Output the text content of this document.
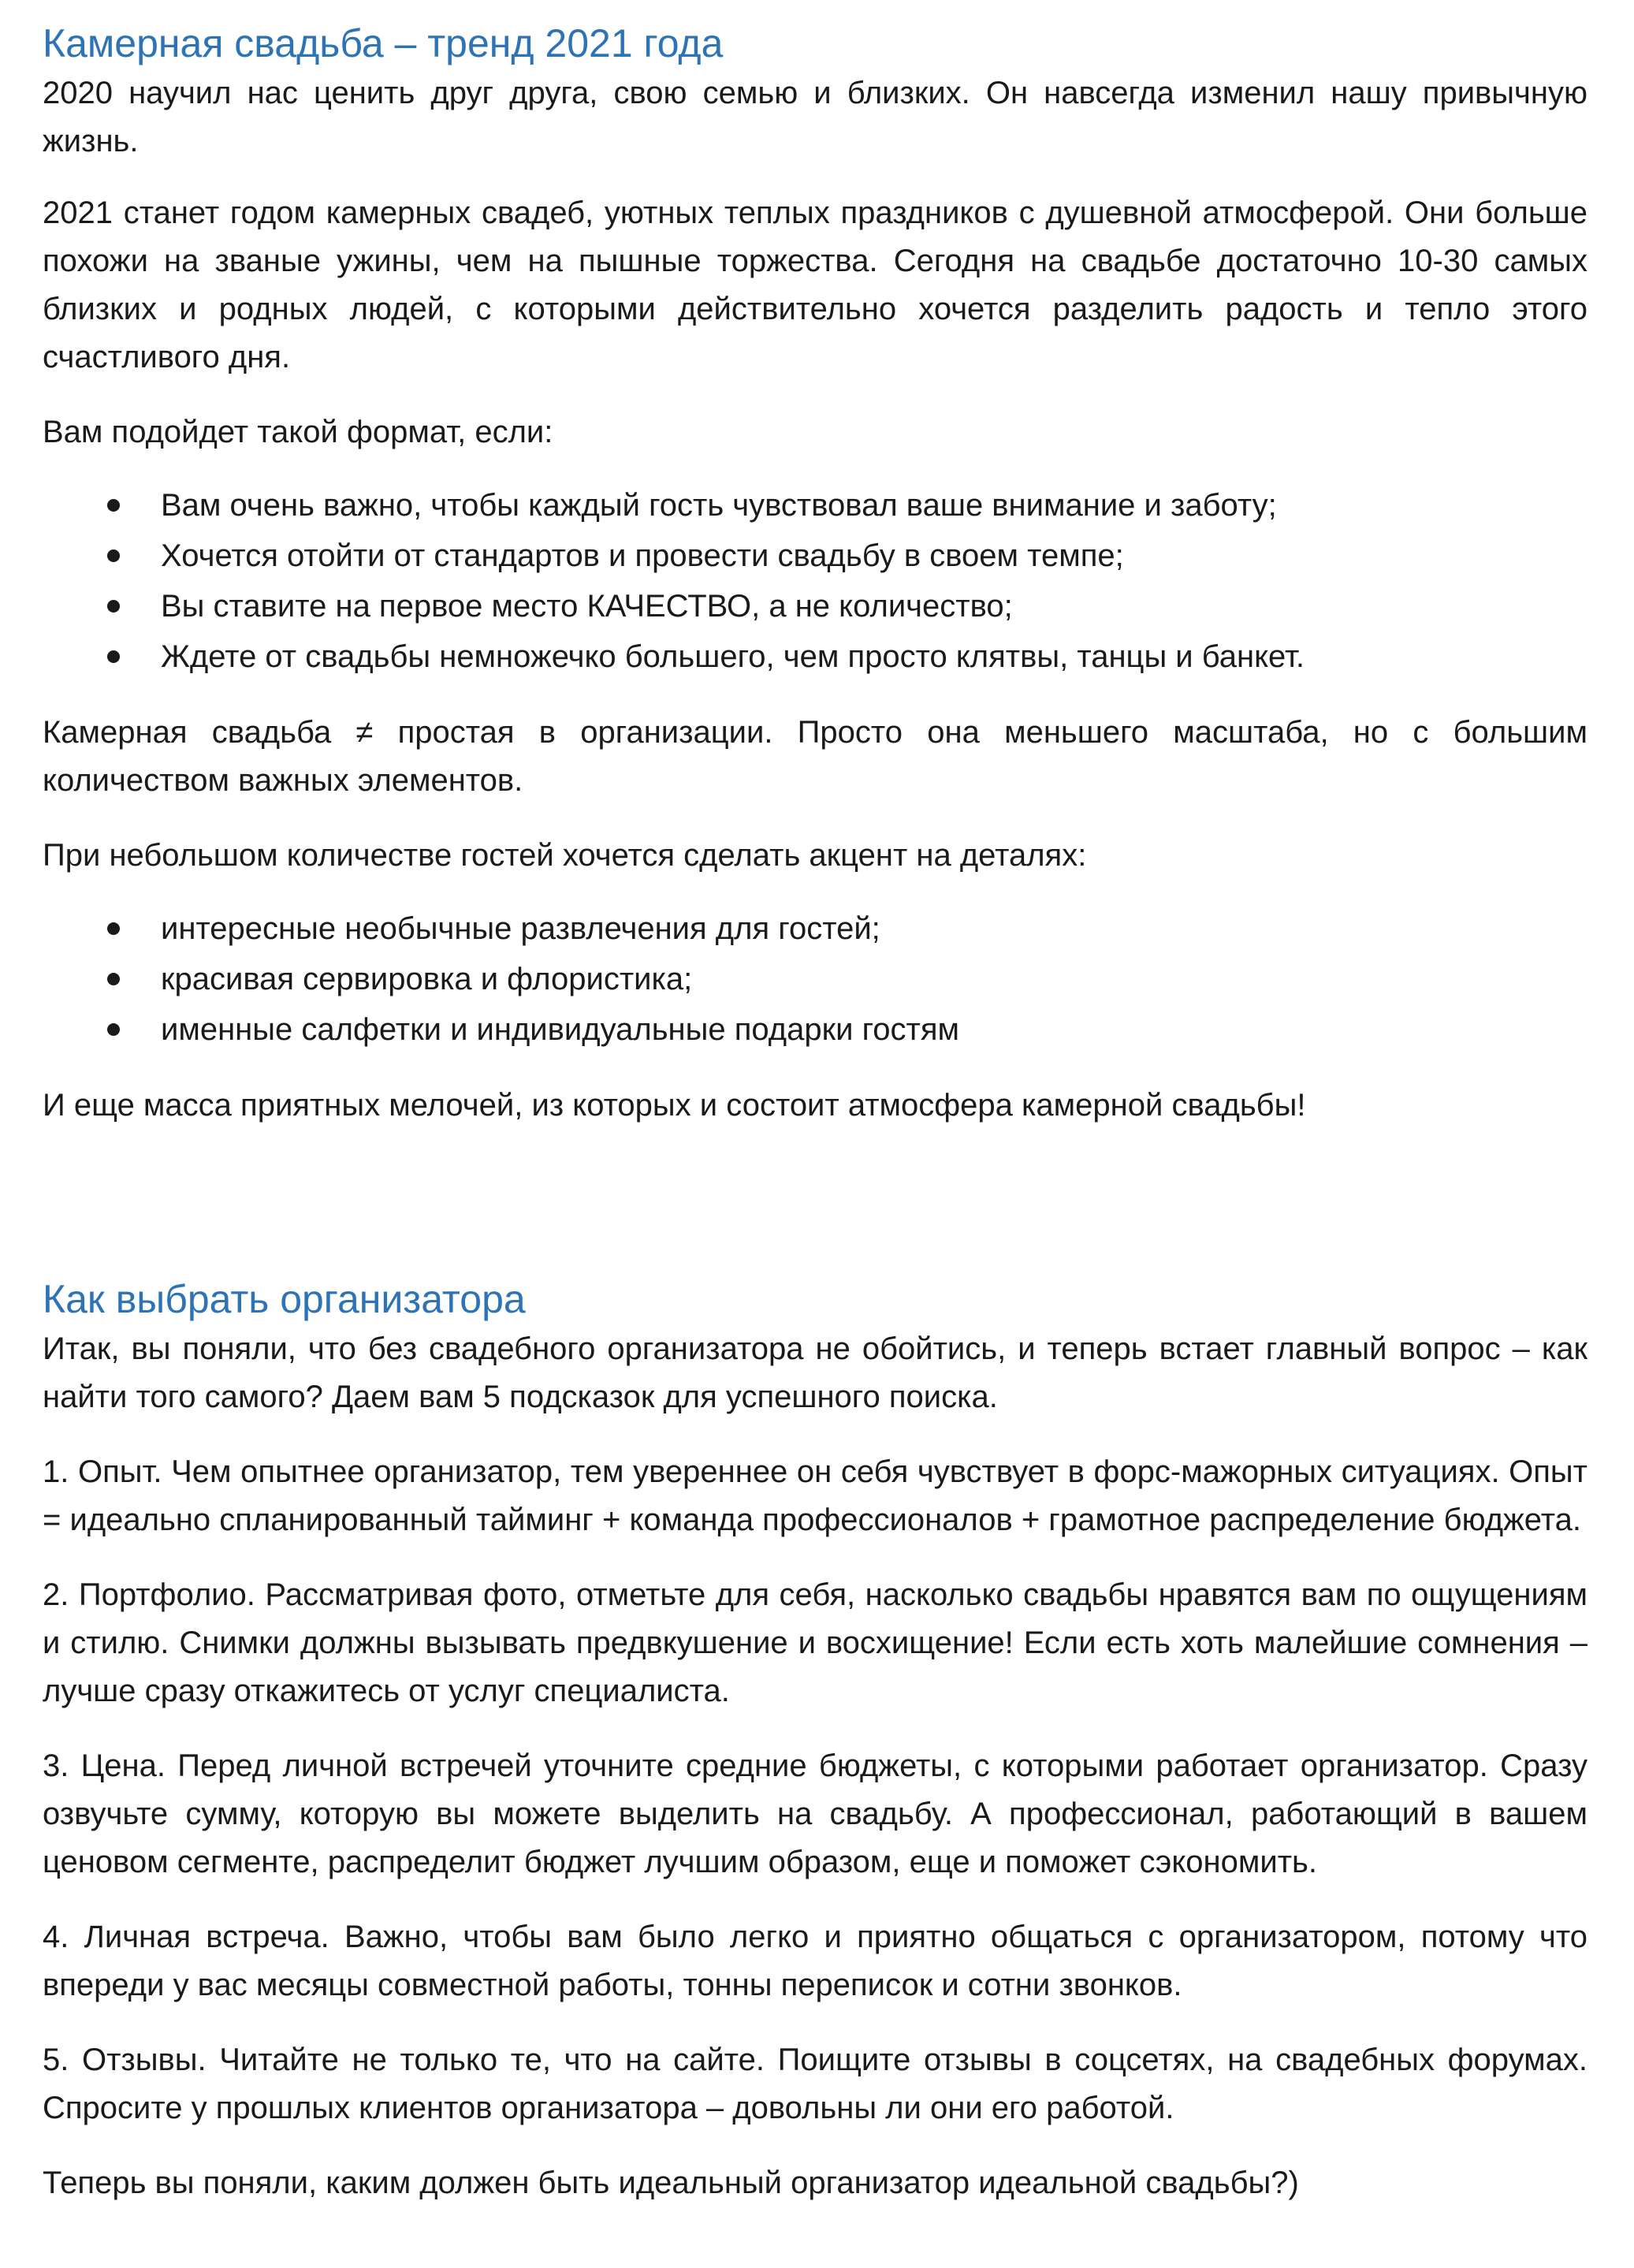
Камерная свадьба – тренд 2021 года

2020 научил нас ценить друг друга, свою семью и близких. Он навсегда изменил нашу привычную жизнь.

2021 станет годом камерных свадеб, уютных теплых праздников с душевной атмосферой. Они больше похожи на званые ужины, чем на пышные торжества. Сегодня на свадьбе достаточно 10-30 самых близких и родных людей, с которыми действительно хочется разделить радость и тепло этого счастливого дня.

Вам подойдет такой формат, если:

Вам очень важно, чтобы каждый гость чувствовал ваше внимание и заботу;
Хочется отойти от стандартов и провести свадьбу в своем темпе;
Вы ставите на первое место КАЧЕСТВО, а не количество;
Ждете от свадьбы немножечко большего, чем просто клятвы, танцы и банкет.

Камерная свадьба ≠ простая в организации. Просто она меньшего масштаба, но с большим количеством важных элементов.

При небольшом количестве гостей хочется сделать акцент на деталях:

интересные необычные развлечения для гостей;
красивая сервировка и флористика;
именные салфетки и индивидуальные подарки гостям

И еще масса приятных мелочей, из которых и состоит атмосфера камерной свадьбы!

Как выбрать организатора

Итак, вы поняли, что без свадебного организатора не обойтись, и теперь встает главный вопрос – как найти того самого? Даем вам 5 подсказок для успешного поиска.

1. Опыт. Чем опытнее организатор, тем увереннее он себя чувствует в форс-мажорных ситуациях. Опыт = идеально спланированный тайминг + команда профессионалов + грамотное распределение бюджета.

2. Портфолио. Рассматривая фото, отметьте для себя, насколько свадьбы нравятся вам по ощущениям и стилю. Снимки должны вызывать предвкушение и восхищение! Если есть хоть малейшие сомнения – лучше сразу откажитесь от услуг специалиста.

3. Цена. Перед личной встречей уточните средние бюджеты, с которыми работает организатор. Сразу озвучьте сумму, которую вы можете выделить на свадьбу. А профессионал, работающий в вашем ценовом сегменте, распределит бюджет лучшим образом, еще и поможет сэкономить.

4. Личная встреча. Важно, чтобы вам было легко и приятно общаться с организатором, потому что впереди у вас месяцы совместной работы, тонны переписок и сотни звонков.

5. Отзывы. Читайте не только те, что на сайте. Поищите отзывы в соцсетях, на свадебных форумах. Спросите у прошлых клиентов организатора – довольны ли они его работой.

Теперь вы поняли, каким должен быть идеальный организатор идеальной свадьбы?)
